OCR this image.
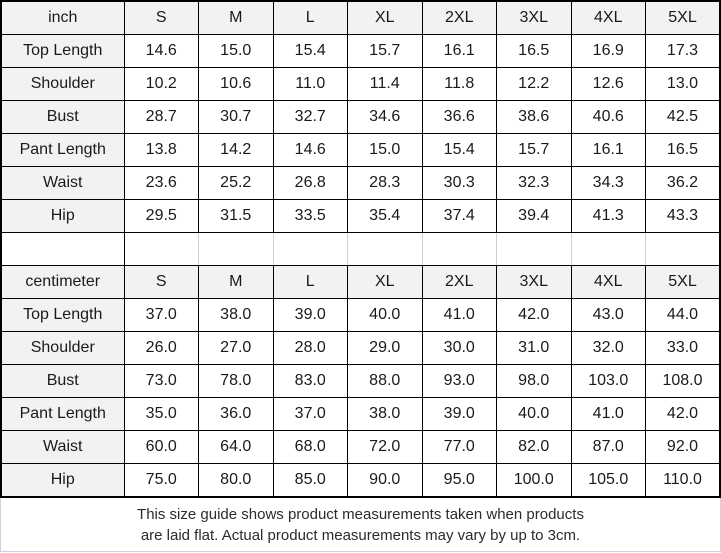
inch	S	M	L	XL	2XL	3XL	4XL	5XL
Top Length	14.6	15.0	15.4	15.7	16.1	16.5	16.9	17.3
Shoulder	10.2	10.6	11.0	11.4	11.8	12.2	12.6	13.0
Bust	28.7	30.7	32.7	34.6	36.6	38.6	40.6	42.5
Pant Length	13.8	14.2	14.6	15.0	15.4	15.7	16.1	16.5
Waist	23.6	25.2	26.8	28.3	30.3	32.3	34.3	36.2
Hip	29.5	31.5	33.5	35.4	37.4	39.4	41.3	43.3

centimeter	S	M	L	XL	2XL	3XL	4XL	5XL
Top Length	37.0	38.0	39.0	40.0	41.0	42.0	43.0	44.0
Shoulder	26.0	27.0	28.0	29.0	30.0	31.0	32.0	33.0
Bust	73.0	78.0	83.0	88.0	93.0	98.0	103.0	108.0
Pant Length	35.0	36.0	37.0	38.0	39.0	40.0	41.0	42.0
Waist	60.0	64.0	68.0	72.0	77.0	82.0	87.0	92.0
Hip	75.0	80.0	85.0	90.0	95.0	100.0	105.0	110.0
This size guide shows product measurements taken when products
are laid flat. Actual product measurements may vary by up to 3cm.
